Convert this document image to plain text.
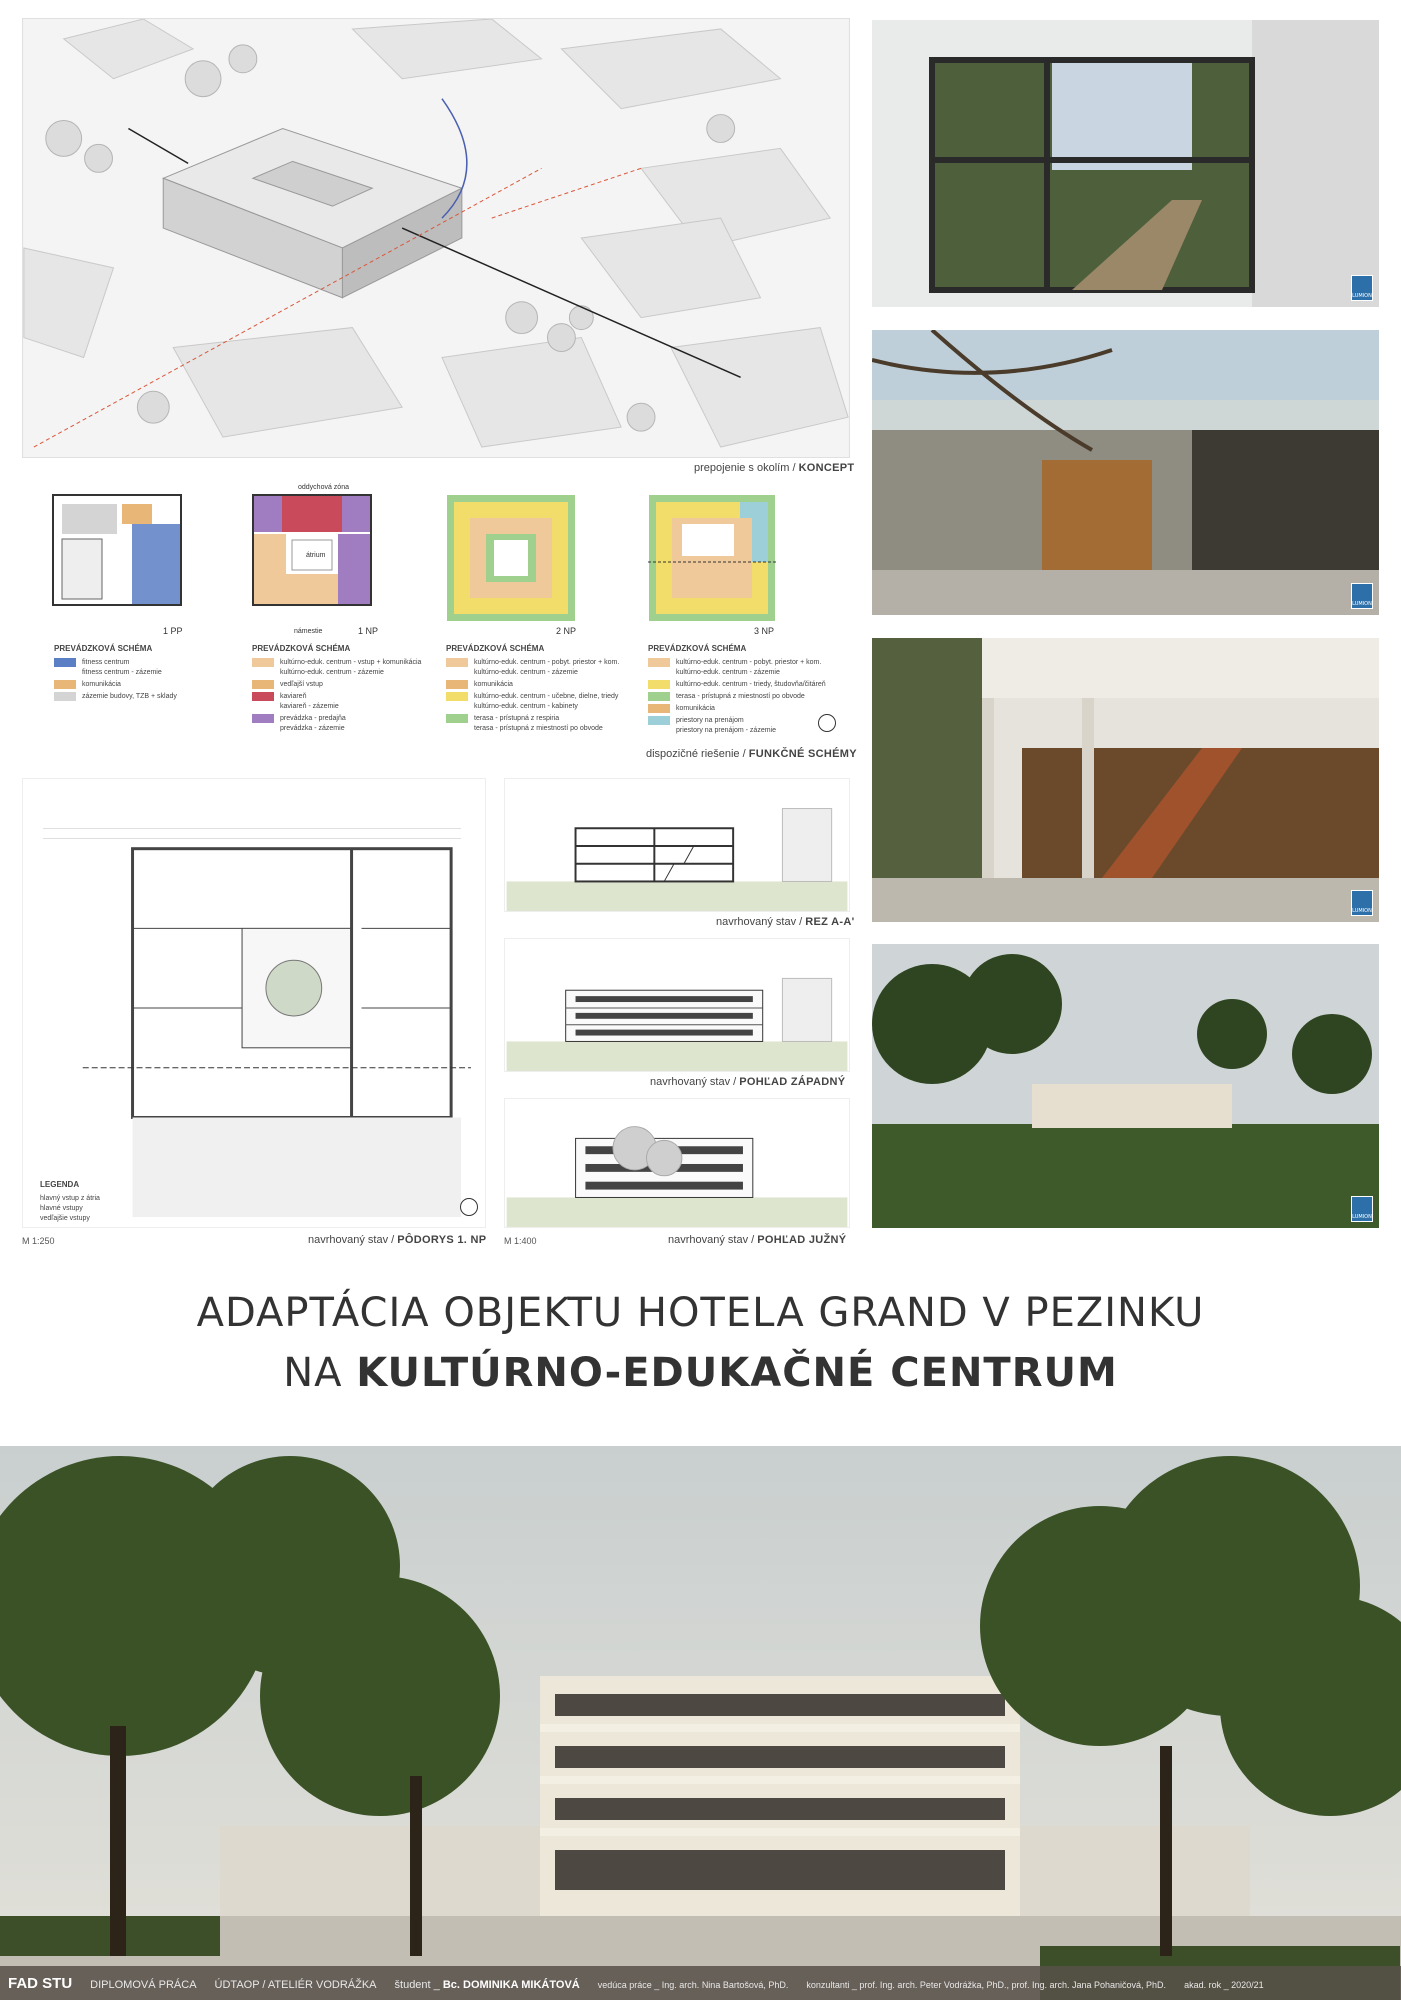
prepojenie s okolím / KONCEPT
1 PP
oddychová zóna
átrium
námestie	1 NP	2 NP	3 NP
PREVÁDZKOVÁ SCHÉMA
fitness centrum
fitness centrum - zázemie
komunikácia
zázemie budovy, TZB + sklady
PREVÁDZKOVÁ SCHÉMA
kultúrno-eduk. centrum - vstup + komunikácia
kultúrno-eduk. centrum - zázemie
vedľajší vstup
kaviareň
kaviareň - zázemie
prevádzka - predajňa
prevádzka - zázemie
PREVÁDZKOVÁ SCHÉMA
kultúrno-eduk. centrum - pobyt. priestor + kom.
kultúrno-eduk. centrum - zázemie
komunikácia
kultúrno-eduk. centrum - učebne, dielne, triedy
kultúrno-eduk. centrum - kabinety
terasa - prístupná z respiria
terasa - prístupná z miestností po obvode
PREVÁDZKOVÁ SCHÉMA
kultúrno-eduk. centrum - pobyt. priestor + kom.
kultúrno-eduk. centrum - zázemie
kultúrno-eduk. centrum - triedy, študovňa/čitáreň
terasa - prístupná z miestností po obvode
komunikácia
priestory na prenájom
priestory na prenájom - zázemie
dispozičné riešenie / FUNKČNÉ SCHÉMY
LEGENDA
hlavný vstup z átria
hlavné vstupy
vedľajšie vstupy
M 1:250	navrhovaný stav / PÔDORYS 1. NP
navrhovaný stav / REZ A-A'
navrhovaný stav / POHĽAD ZÁPADNÝ
M 1:400	navrhovaný stav / POHĽAD JUŽNÝ
LUMION
LUMION
LUMION
LUMION
ADAPTÁCIA OBJEKTU HOTELA GRAND V PEZINKU
NA KULTÚRNO-EDUKAČNÉ CENTRUM
FAD STU DIPLOMOVÁ PRÁCA ÚDTAOP / ATELIÉR VODRÁŽKA študent _ Bc. DOMINIKA MIKÁTOVÁ vedúca práce _ Ing. arch. Nina Bartošová, PhD. konzultanti _ prof. Ing. arch. Peter Vodrážka, PhD., prof. Ing. arch. Jana Pohaničová, PhD. akad. rok _ 2020/21
